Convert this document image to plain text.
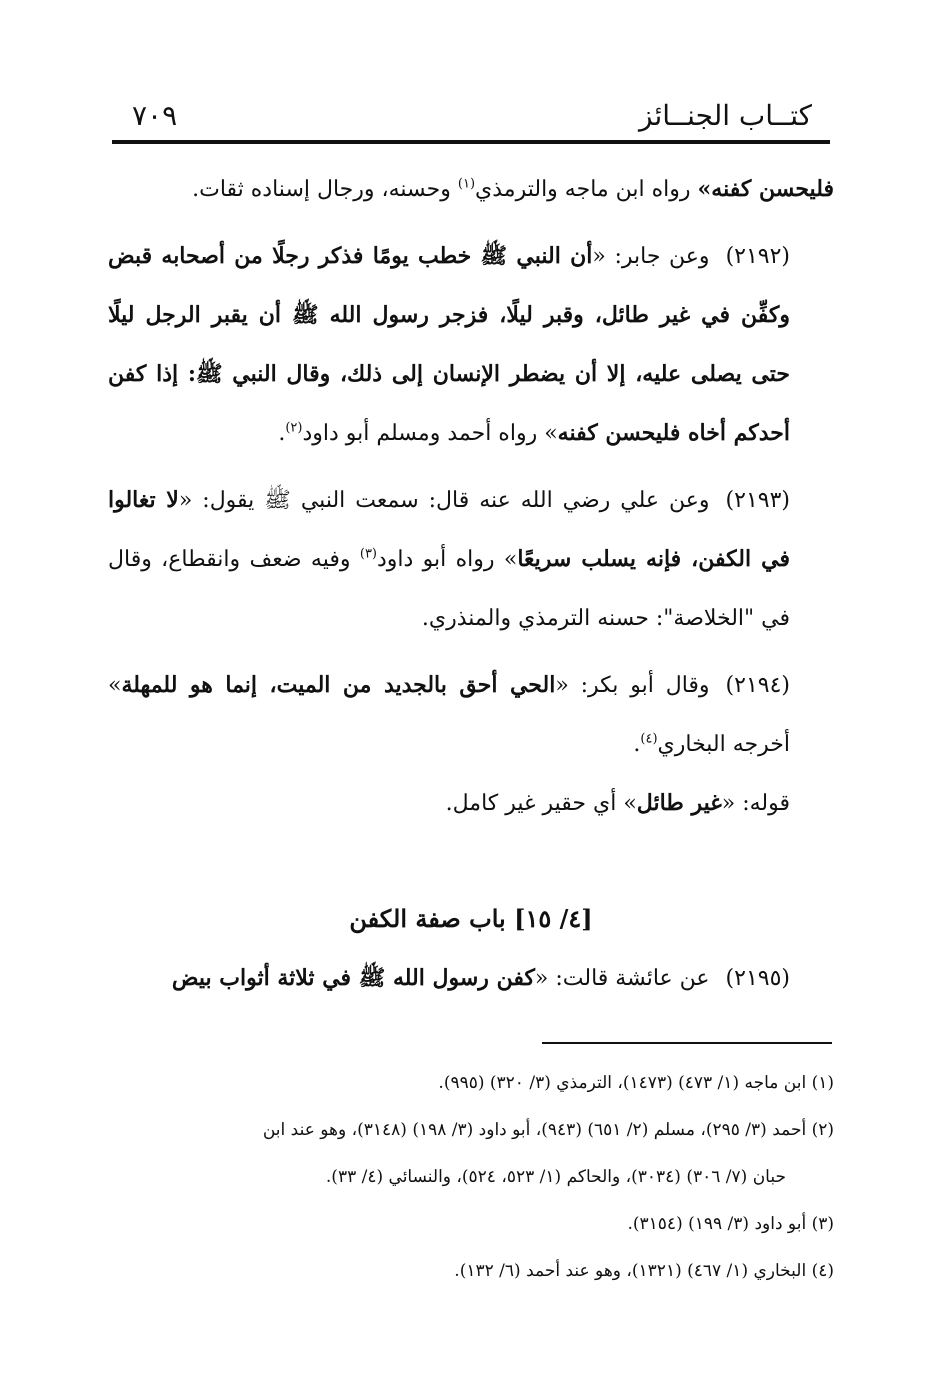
كتــاب الجنــائز
٧٠٩

فليحسن كفنه» رواه ابن ماجه والترمذي$^{(١)}$ وحسنه، ورجال إسناده ثقات.

(٢١٩٢)وعن جابر: «أن النبي ﷺ خطب يومًا فذكر رجلًا من أصحابه قبض وكفِّن في غير طائل، وقبر ليلًا، فزجر رسول الله ﷺ أن يقبر الرجل ليلًا حتى يصلى عليه، إلا أن يضطر الإنسان إلى ذلك، وقال النبي ﷺ: إذا كفن أحدكم أخاه فليحسن كفنه» رواه أحمد ومسلم أبو داود$^{(٢)}$.

(٢١٩٣)وعن علي رضي الله عنه قال: سمعت النبي ﷺ يقول: «لا تغالوا في الكفن، فإنه يسلب سريعًا» رواه أبو داود$^{(٣)}$ وفيه ضعف وانقطاع، وقال في "الخلاصة": حسنه الترمذي والمنذري.

(٢١٩٤)وقال أبو بكر: «الحي أحق بالجديد من الميت، إنما هو للمهلة» أخرجه البخاري$^{(٤)}$.

قوله: «غير طائل» أي حقير غير كامل.

[٤/ ١٥] باب صفة الكفن

(٢١٩٥)عن عائشة قالت: «كفن رسول الله ﷺ في ثلاثة أثواب بيض

(١) ابن ماجه (١/ ٤٧٣) (١٤٧٣)، الترمذي (٣/ ٣٢٠) (٩٩٥).

(٢) أحمد (٣/ ٢٩٥)، مسلم (٢/ ٦٥١) (٩٤٣)، أبو داود (٣/ ١٩٨) (٣١٤٨)، وهو عند ابن

حبان (٧/ ٣٠٦) (٣٠٣٤)، والحاكم (١/ ٥٢٣، ٥٢٤)، والنسائي (٤/ ٣٣).

(٣) أبو داود (٣/ ١٩٩) (٣١٥٤).

(٤) البخاري (١/ ٤٦٧) (١٣٢١)، وهو عند أحمد (٦/ ١٣٢).
